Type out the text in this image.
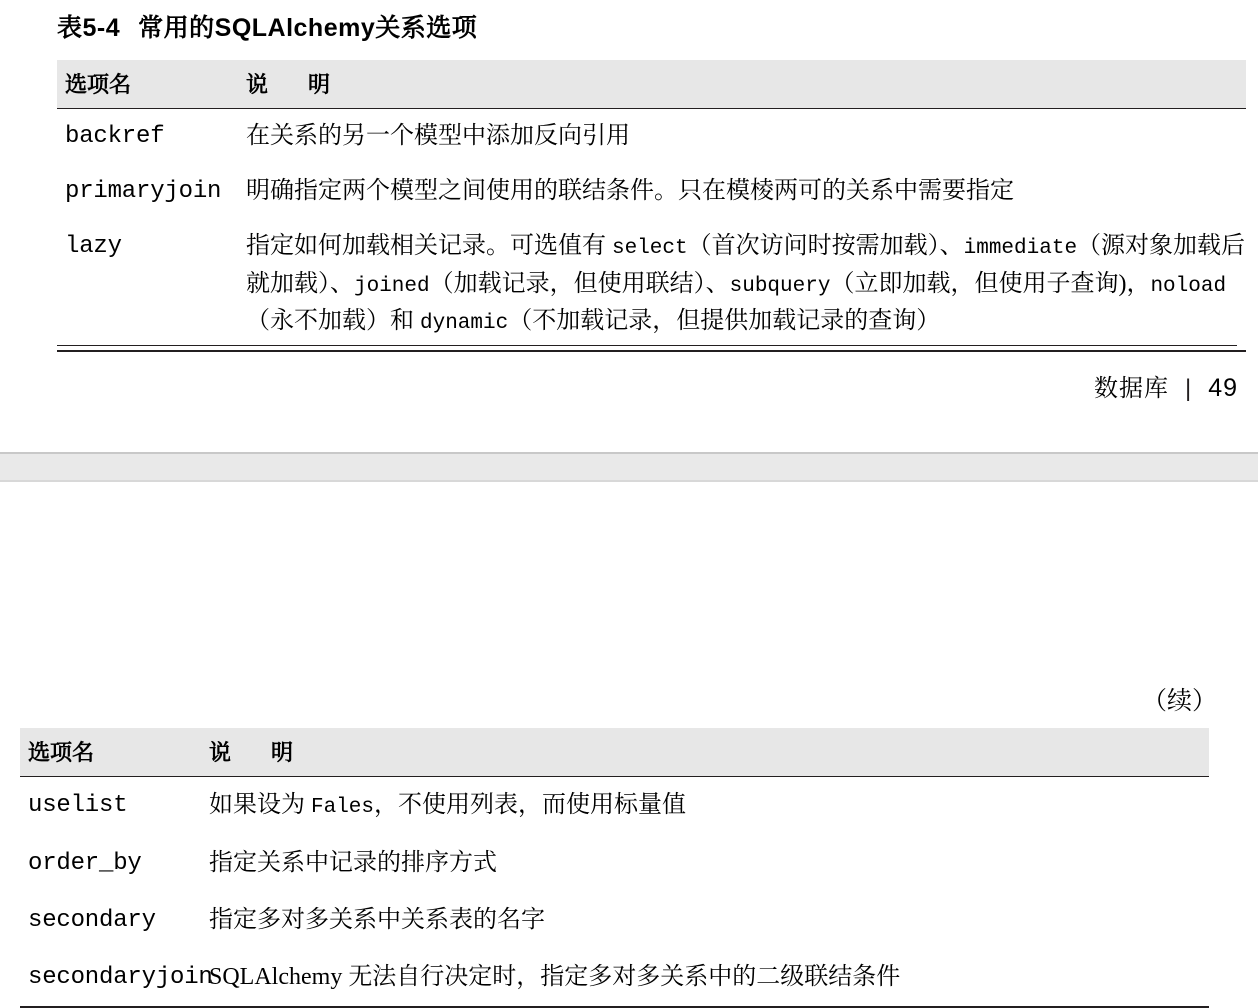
表5-4 常用的SQLAlchemy关系选项
选项名	说 明
backref	在关系的另一个模型中添加反向引用
primaryjoin	明确指定两个模型之间使用的联结条件。只在模棱两可的关系中需要指定
lazy	指定如何加载相关记录。可选值有 select（首次访问时按需加载）、immediate（源对象加载后就加载）、joined（加载记录，但使用联结）、subquery（立即加载，但使用子查询)，noload（永不加载）和 dynamic（不加载记录，但提供加载记录的查询）
数据库 | 49
（续）
选项名	说 明
uselist	如果设为 Fales，不使用列表，而使用标量值
order_by	指定关系中记录的排序方式
secondary	指定多对多关系中关系表的名字
secondaryjoin	SQLAlchemy 无法自行决定时，指定多对多关系中的二级联结条件
